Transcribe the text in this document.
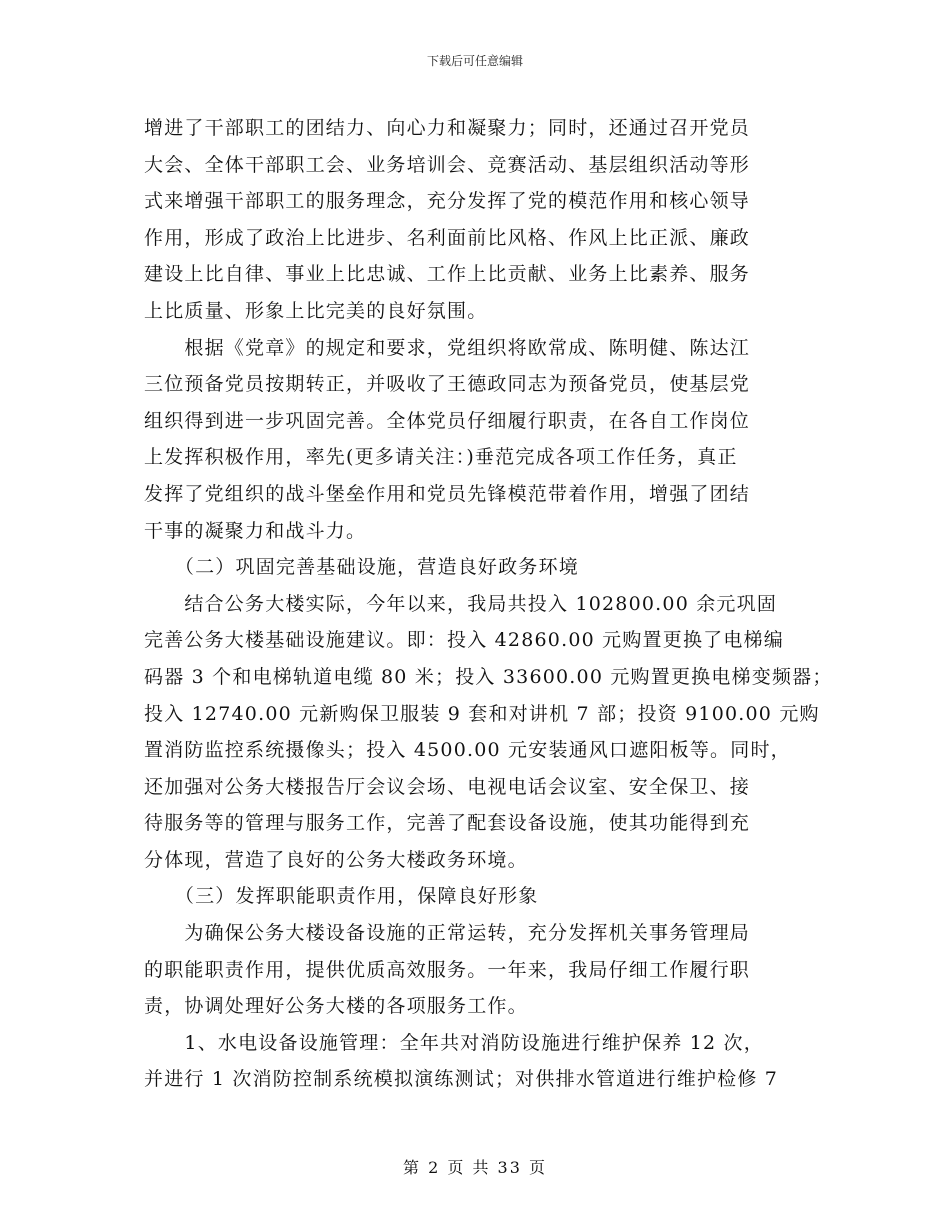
下载后可任意编辑
增进了干部职工的团结力、向心力和凝聚力；同时，还通过召开党员
大会、全体干部职工会、业务培训会、竞赛活动、基层组织活动等形
式来增强干部职工的服务理念，充分发挥了党的模范作用和核心领导
作用，形成了政治上比进步、名利面前比风格、作风上比正派、廉政
建设上比自律、事业上比忠诚、工作上比贡献、业务上比素养、服务
上比质量、形象上比完美的良好氛围。
　　根据《党章》的规定和要求，党组织将欧常成、陈明健、陈达江
三位预备党员按期转正，并吸收了王德政同志为预备党员，使基层党
组织得到进一步巩固完善。全体党员仔细履行职责，在各自工作岗位
上发挥积极作用，率先(更多请关注：)垂范完成各项工作任务，真正
发挥了党组织的战斗堡垒作用和党员先锋模范带着作用，增强了团结
干事的凝聚力和战斗力。
　　（二）巩固完善基础设施，营造良好政务环境
　　结合公务大楼实际，今年以来，我局共投入 102800.00 余元巩固
完善公务大楼基础设施建议。即：投入 42860.00 元购置更换了电梯编
码器 3 个和电梯轨道电缆 80 米；投入 33600.00 元购置更换电梯变频器；
投入 12740.00 元新购保卫服装 9 套和对讲机 7 部；投资 9100.00 元购
置消防监控系统摄像头；投入 4500.00 元安装通风口遮阳板等。同时，
还加强对公务大楼报告厅会议会场、电视电话会议室、安全保卫、接
待服务等的管理与服务工作，完善了配套设备设施，使其功能得到充
分体现，营造了良好的公务大楼政务环境。
　　（三）发挥职能职责作用，保障良好形象
　　为确保公务大楼设备设施的正常运转，充分发挥机关事务管理局
的职能职责作用，提供优质高效服务。一年来，我局仔细工作履行职
责，协调处理好公务大楼的各项服务工作。
　　1、水电设备设施管理：全年共对消防设施进行维护保养 12 次，
并进行 1 次消防控制系统模拟演练测试；对供排水管道进行维护检修 7
第 2 页 共 33 页
